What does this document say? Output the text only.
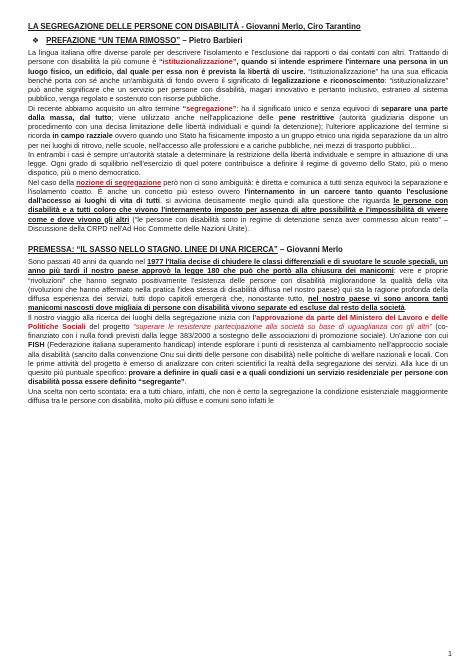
LA SEGREGAZIONE DELLE PERSONE CON DISABILITÀ - Giovanni Merlo, Ciro Tarantino
❖ PREFAZIONE “UN TEMA RIMOSSO” – Pietro Barbieri

La lingua italiana offre diverse parole per descrivere l'isolamento e l'esclusione dai rapporti o dai contatti con altri. Trattando di persone con disabilità la più comune è “istituzionalizzazione”, quando si intende esprimere l'internare una persona in un luogo fisico, un edificio, dal quale per essa non è prevista la libertà di uscire. “Istituzionalizzazione” ha una sua efficacia benché porta con sé anche un'ambiguità di fondo ovvero il significato di legalizzazione e riconoscimento: “istituzionalizzare” può anche significare che un servizio per persone con disabilità, magari innovativo e pertanto inclusivo, estraneo al sistema pubblico, venga regolato e sostenuto con risorse pubbliche.

Di recente abbiamo acquisito un altro termine “segregazione”: ha il significato unico e senza equivoci di separare una parte dalla massa, dal tutto; viene utilizzato anche nell'applicazione delle pene restrittive (autorità giudiziaria dispone un procedimento con una decisa limitazione delle libertà individuali e quindi la detenzione); l'ulteriore applicazione del termine si ricorda in campo razziale ovvero quando uno Stato ha fisicamente imposto a un gruppo etnico una rigida separazione da un altro per nei luoghi di ritrovo, nelle scuole, nell'accesso alle professioni e a cariche pubbliche, nei mezzi di trasporto pubblici…

In entrambi i casi è sempre un'autorità statale a determinare la restrizione della libertà individuale e sempre in attuazione di una legge. Ogni grado di squilibrio nell'esercizio di quel potere contribuisce a definire il regime di governo dello Stato, più o meno dispotico, più o meno democratico.

Nel caso della nozione di segregazione però non ci sono ambiguità: è diretta e comunica a tutti senza equivoci la separazione e l'isolamento coatto. È anche un concetto più esteso ovvero l'internamento in un carcere tanto quanto l'esclusione dall'accesso ai luoghi di vita di tutti. si avvicina decisamente meglio quindi alla questione che riguarda le persone con disabilità e a tutti coloro che vivono l'internamento imposto per assenza di altre possibilità e l'impossibilità di vivere come e dove vivono gli altri (“le persone con disabilità sono in regime di detenzione senza aver commesso alcun reato” – Discussione della CRPD nell'Ad Hoc Commette delle Nazioni Unite).

PREMESSA: “IL SASSO NELLO STAGNO. LINEE DI UNA RICERCA” – Giovanni Merlo

Sono passati 40 anni da quando nel 1977 l'Italia decise di chiudere le classi differenziali e di svuotare le scuole speciali, un anno più tardi il nostro paese approvò la legge 180 che può che portò alla chiusura dei manicomi: vere e proprie “rivoluzioni” che hanno segnato positivamente l'esistenza delle persone con disabilità migliorandone la qualità della vita (rivoluzioni che hanno affermato nella pratica l'idea stessa di disabilità diffusa nel nostro paese) qui sta la ragione profonda della diffusa esperienza dei servizi, tutti dopo capitoli emergerà che, nonostante tutto, nel nostro paese vi sono ancora tanti manicomi nascosti dove migliaia di persone con disabilità vivono separate ed escluse dal resto della società.

Il nostro viaggio alla ricerca dei luoghi della segregazione inizia con l'approvazione da parte del Ministero del Lavoro e delle Politiche Sociali del progetto “superare le resistenze partecipazione alla società su base di uguaglianza con gli altri” (co-finanziato con i nulla fondi previsti dalla legge 383/2000 a sostegno delle associazioni di promozione sociale). Un'azione con cui FISH (Federazione italiana superamento handicap) intende esplorare i punti di resistenza al cambiamento nell'approccio sociale alla disabilità (sancito dalla convenzione Onu sui diritti delle persone con disabilità) nelle politiche di welfare nazionali e locali. Con le prime attività del progetto è emerso di analizzare con criteri scientifici la realtà della segregazione dei servizi. Alla luce di un quesito più puntuale specifico: provare a definire in quali casi e a quali condizioni un servizio residenziale per persone con disabilità possa essere definito “segregante”.

Una scelta non certo scontata: era a tutti chiaro, infatti, che non è certo la segregazione la condizione esistenziale maggiormente diffusa tra le persone con disabilità, molto più diffuse e comuni sono infatti le

1
